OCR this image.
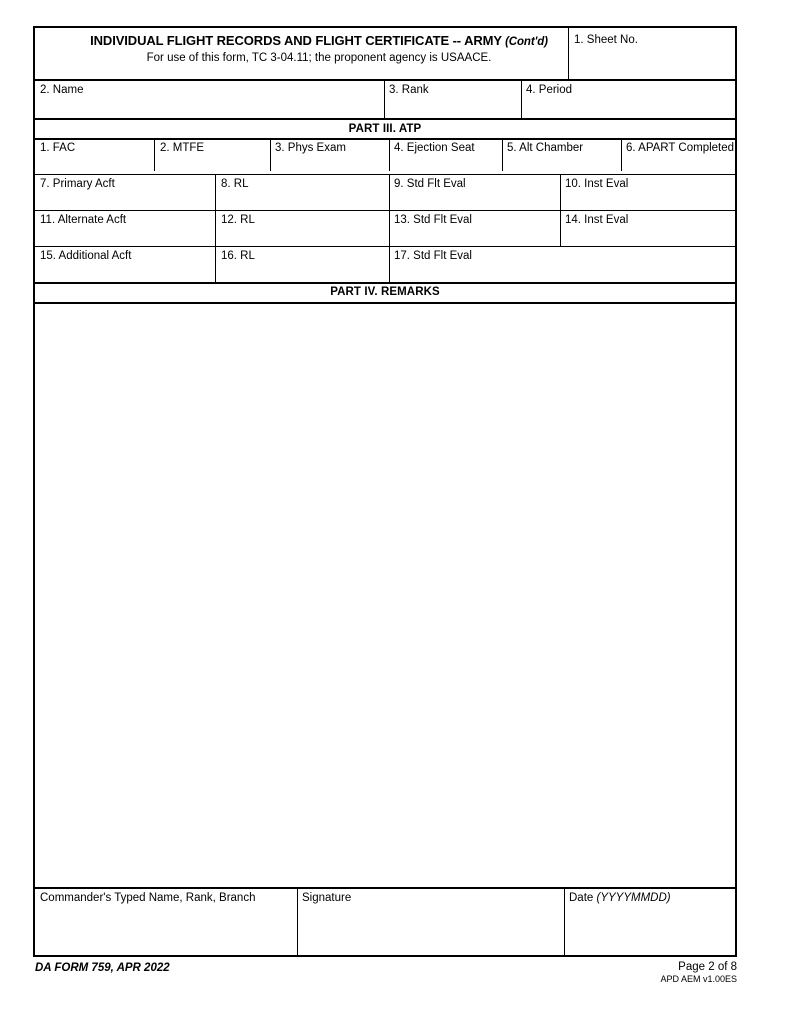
INDIVIDUAL FLIGHT RECORDS AND FLIGHT CERTIFICATE -- ARMY (Cont'd)
For use of this form, TC 3-04.11; the proponent agency is USAACE.
1. Sheet No.
2. Name	3. Rank	4. Period
PART III. ATP
1. FAC	2. MTFE	3. Phys Exam	4. Ejection Seat	5. Alt Chamber	6. APART Completed
7. Primary Acft	8. RL	9. Std Flt Eval	10. Inst Eval
11. Alternate Acft	12. RL	13. Std Flt Eval	14. Inst Eval
15. Additional Acft	16. RL	17. Std Flt Eval
PART IV. REMARKS
Commander's Typed Name, Rank, Branch	Signature	Date (YYYYMMDD)
DA FORM 759, APR 2022	Page 2 of 8
APD AEM v1.00ES
